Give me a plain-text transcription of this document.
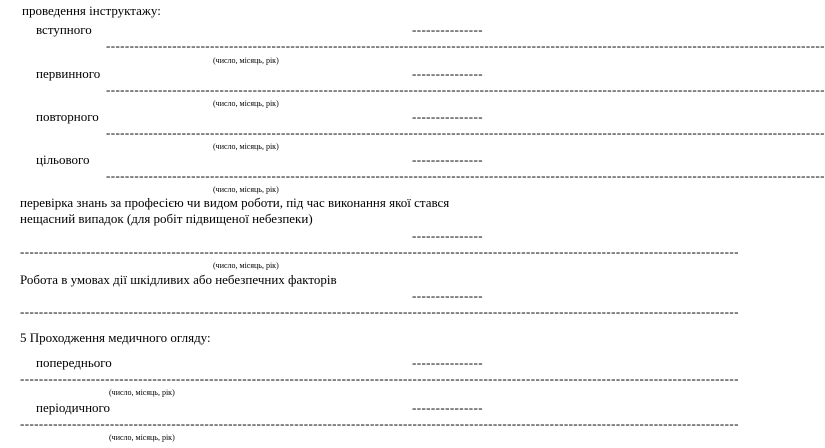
проведення інструктажу:
вступного	---------------
--------------------------------------------------------------------------------------------------------------------------------------------------------
(число, місяць, рік)
первинного	---------------
--------------------------------------------------------------------------------------------------------------------------------------------------------
(число, місяць, рік)
повторного	---------------
--------------------------------------------------------------------------------------------------------------------------------------------------------
(число, місяць, рік)
цільового	---------------
--------------------------------------------------------------------------------------------------------------------------------------------------------
(число, місяць, рік)
перевірка знань за професією чи видом роботи, під час виконання якої стався
нещасний випадок (для робіт підвищеної небезпеки)
---------------
--------------------------------------------------------------------------------------------------------------------------------------------------------
(число, місяць, рік)
Робота в умовах дії шкідливих або небезпечних факторів
---------------
--------------------------------------------------------------------------------------------------------------------------------------------------------
5 Проходження медичного огляду:
попереднього	---------------
--------------------------------------------------------------------------------------------------------------------------------------------------------
(число, місяць, рік)
періодичного	---------------
--------------------------------------------------------------------------------------------------------------------------------------------------------
(число, місяць, рік)
